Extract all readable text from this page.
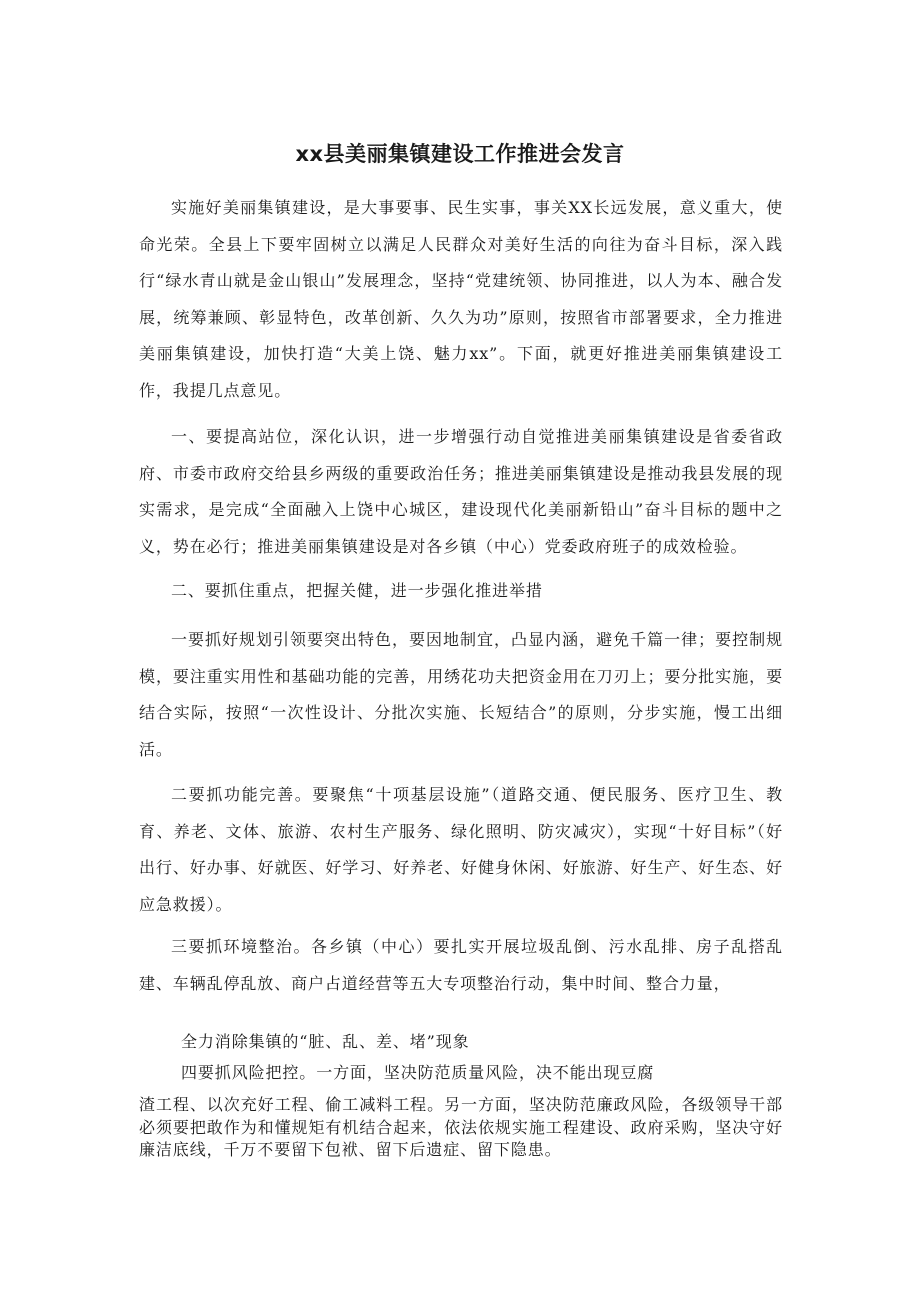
xx县美丽集镇建设工作推进会发言

实施好美丽集镇建设，是大事要事、民生实事，事关XX长远发展，意义重大，使命光荣。全县上下要牢固树立以满足人民群众对美好生活的向往为奋斗目标，深入践行“绿水青山就是金山银山”发展理念，坚持“党建统领、协同推进，以人为本、融合发展，统筹兼顾、彰显特色，改革创新、久久为功”原则，按照省市部署要求，全力推进美丽集镇建设，加快打造“大美上饶、魅力xx”。下面，就更好推进美丽集镇建设工作，我提几点意见。

一、要提高站位，深化认识，进一步增强行动自觉推进美丽集镇建设是省委省政府、市委市政府交给县乡两级的重要政治任务；推进美丽集镇建设是推动我县发展的现实需求，是完成“全面融入上饶中心城区，建设现代化美丽新铅山”奋斗目标的题中之义，势在必行；推进美丽集镇建设是对各乡镇（中心）党委政府班子的成效检验。

二、要抓住重点，把握关健，进一步强化推进举措

一要抓好规划引领要突出特色，要因地制宜，凸显内涵，避免千篇一律；要控制规模，要注重实用性和基础功能的完善，用绣花功夫把资金用在刀刃上；要分批实施，要结合实际，按照“一次性设计、分批次实施、长短结合”的原则，分步实施，慢工出细活。

二要抓功能完善。要聚焦“十项基层设施”（道路交通、便民服务、医疗卫生、教育、养老、文体、旅游、农村生产服务、绿化照明、防灾减灾），实现“十好目标”（好出行、好办事、好就医、好学习、好养老、好健身休闲、好旅游、好生产、好生态、好应急救援）。

三要抓环境整治。各乡镇（中心）要扎实开展垃圾乱倒、污水乱排、房子乱搭乱建、车辆乱停乱放、商户占道经营等五大专项整治行动，集中时间、整合力量，

全力消除集镇的“脏、乱、差、堵”现象

四要抓风险把控。一方面，坚决防范质量风险，决不能出现豆腐

渣工程、以次充好工程、偷工减料工程。另一方面，坚决防范廉政风险，各级领导干部必须要把敢作为和懂规矩有机结合起来，依法依规实施工程建设、政府采购，坚决守好廉洁底线，千万不要留下包袱、留下后遗症、留下隐患。
